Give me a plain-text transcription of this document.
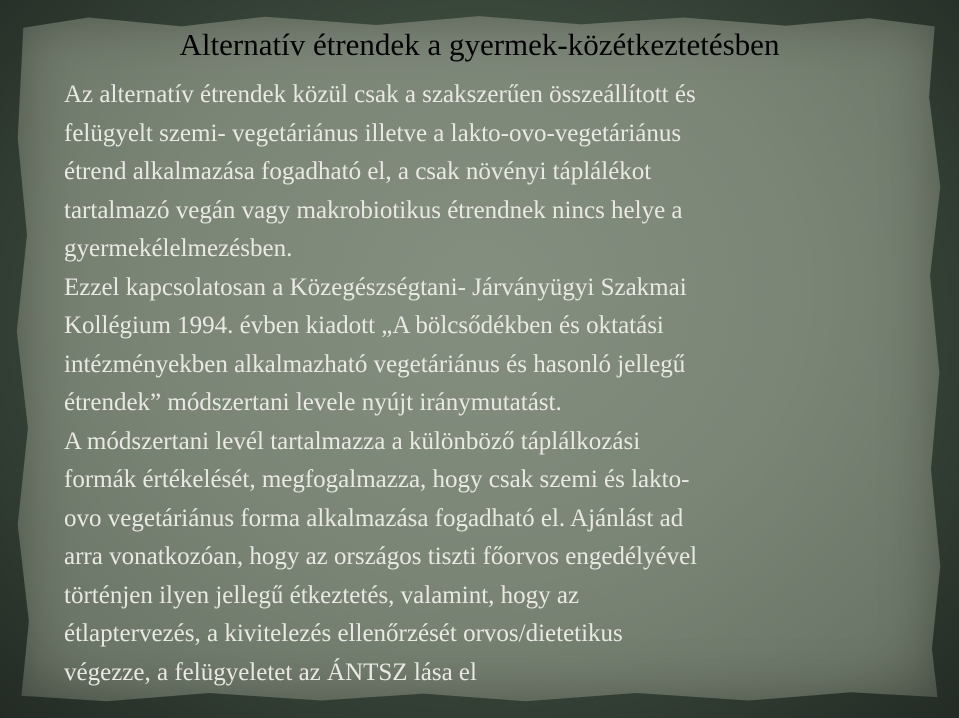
Alternatív étrendek a gyermek-közétkeztetésben
Az alternatív étrendek közül csak a szakszerűen összeállított és
felügyelt szemi- vegetáriánus illetve a lakto-ovo-vegetáriánus
étrend alkalmazása fogadható el, a csak növényi táplálékot
tartalmazó vegán vagy makrobiotikus étrendnek nincs helye a
gyermekélelmezésben.
Ezzel kapcsolatosan a Közegészségtani- Járványügyi Szakmai
Kollégium 1994. évben kiadott „A bölcsődékben és oktatási
intézményekben alkalmazható vegetáriánus és hasonló jellegű
étrendek” módszertani levele nyújt iránymutatást.
A módszertani levél tartalmazza a különböző táplálkozási
formák értékelését, megfogalmazza, hogy csak szemi és lakto-
ovo vegetáriánus forma alkalmazása fogadható el. Ajánlást ad
arra vonatkozóan, hogy az országos tiszti főorvos engedélyével
történjen ilyen jellegű étkeztetés, valamint, hogy az
étlaptervezés, a kivitelezés ellenőrzését orvos/dietetikus
végezze, a felügyeletet az ÁNTSZ lása el
